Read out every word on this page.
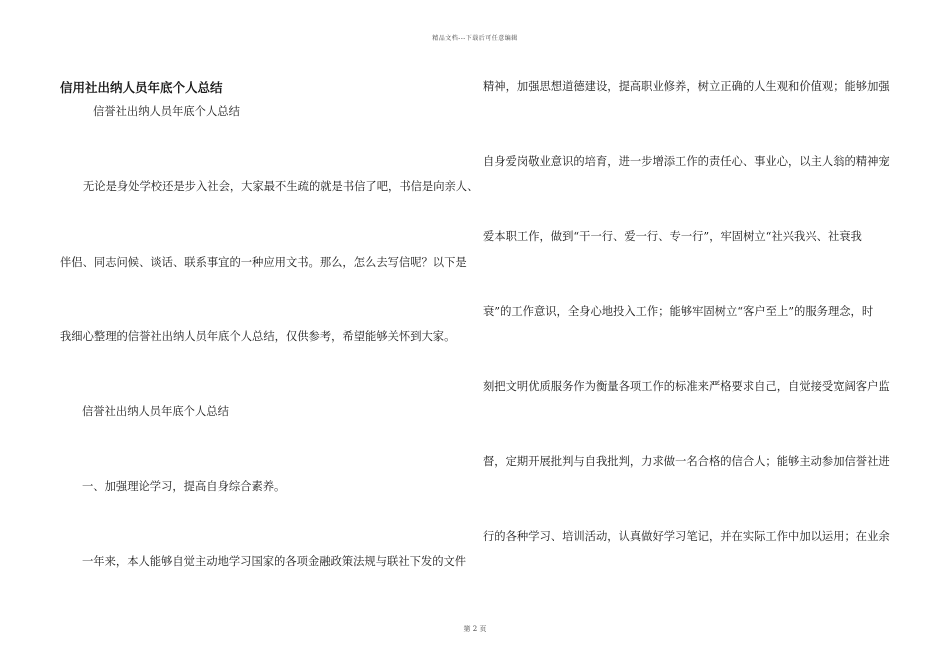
精品文档---下载后可任意编辑
信用社出纳人员年底个人总结
信誉社出纳人员年底个人总结
无论是身处学校还是步入社会，大家最不生疏的就是书信了吧，书信是向亲人、
伴侣、同志问候、谈话、联系事宜的一种应用文书。那么，怎么去写信呢？以下是
我细心整理的信誉社出纳人员年底个人总结，仅供参考，希望能够关怀到大家。
信誉社出纳人员年底个人总结
一、加强理论学习，提高自身综合素养。
一年来，本人能够自觉主动地学习国家的各项金融政策法规与联社下发的文件
精神，加强思想道德建设，提高职业修养，树立正确的人生观和价值观；能够加强
自身爱岗敬业意识的培育，进一步增添工作的责任心、事业心，以主人翁的精神宠
爱本职工作，做到“干一行、爱一行、专一行”，牢固树立“社兴我兴、社衰我
衰”的工作意识，全身心地投入工作；能够牢固树立“客户至上”的服务理念，时
刻把文明优质服务作为衡量各项工作的标准来严格要求自己，自觉接受宽阔客户监
督，定期开展批判与自我批判，力求做一名合格的信合人；能够主动参加信誉社进
行的各种学习、培训活动，认真做好学习笔记，并在实际工作中加以运用；在业余
第 2 页
